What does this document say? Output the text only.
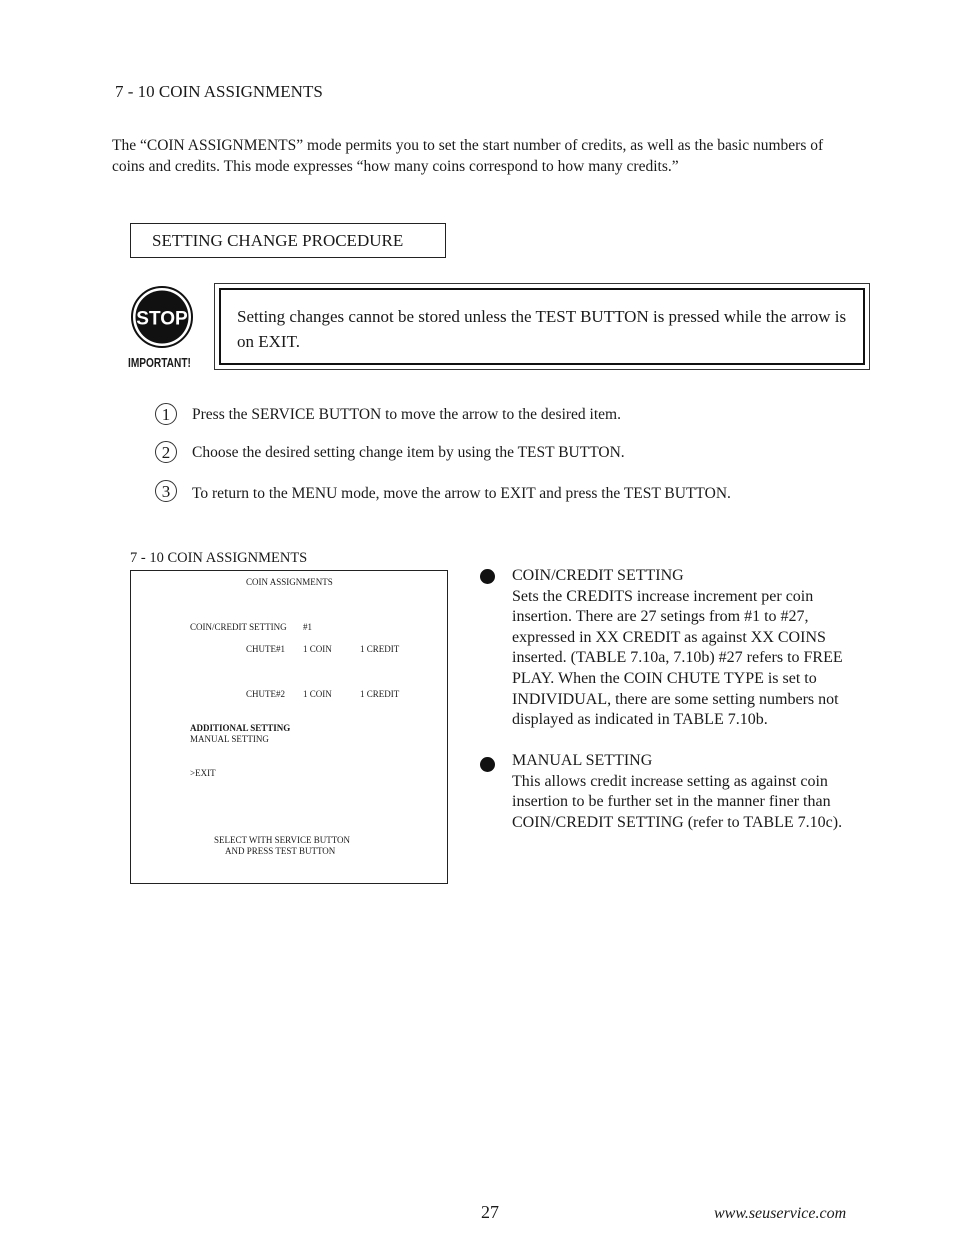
7 - 10 COIN ASSIGNMENTS
The “COIN ASSIGNMENTS” mode permits you to set the start number of credits, as well as the basic numbers of coins and credits. This mode expresses “how many coins correspond to how many credits.”
SETTING CHANGE PROCEDURE
STOP
IMPORTANT!
Setting changes cannot be stored unless the TEST BUTTON is pressed while the arrow is on EXIT.
1	Press the SERVICE BUTTON to move the arrow to the desired item.
2	Choose the desired setting change item by using the TEST BUTTON.
3	To return to the MENU mode, move the arrow to EXIT and press the TEST BUTTON.
7 - 10 COIN ASSIGNMENTS
COIN ASSIGNMENTS
COIN/CREDIT SETTING #1
CHUTE#1 1 COIN	1 CREDIT
CHUTE#2 1 COIN	1 CREDIT
ADDITIONAL SETTING
MANUAL SETTING
>EXIT
SELECT WITH SERVICE BUTTON
AND PRESS TEST BUTTON
COIN/CREDIT SETTING
Sets the CREDITS increase increment per coin
insertion. There are 27 setings from #1 to #27,
expressed in XX CREDIT as against XX COINS
inserted. (TABLE 7.10a, 7.10b) #27 refers to FREE
PLAY. When the COIN CHUTE TYPE is set to
INDIVIDUAL, there are some setting numbers not
displayed as indicated in TABLE 7.10b.
MANUAL SETTING
This allows credit increase setting as against coin
insertion to be further set in the manner finer than
COIN/CREDIT SETTING (refer to TABLE 7.10c).
27	www.seuservice.com
